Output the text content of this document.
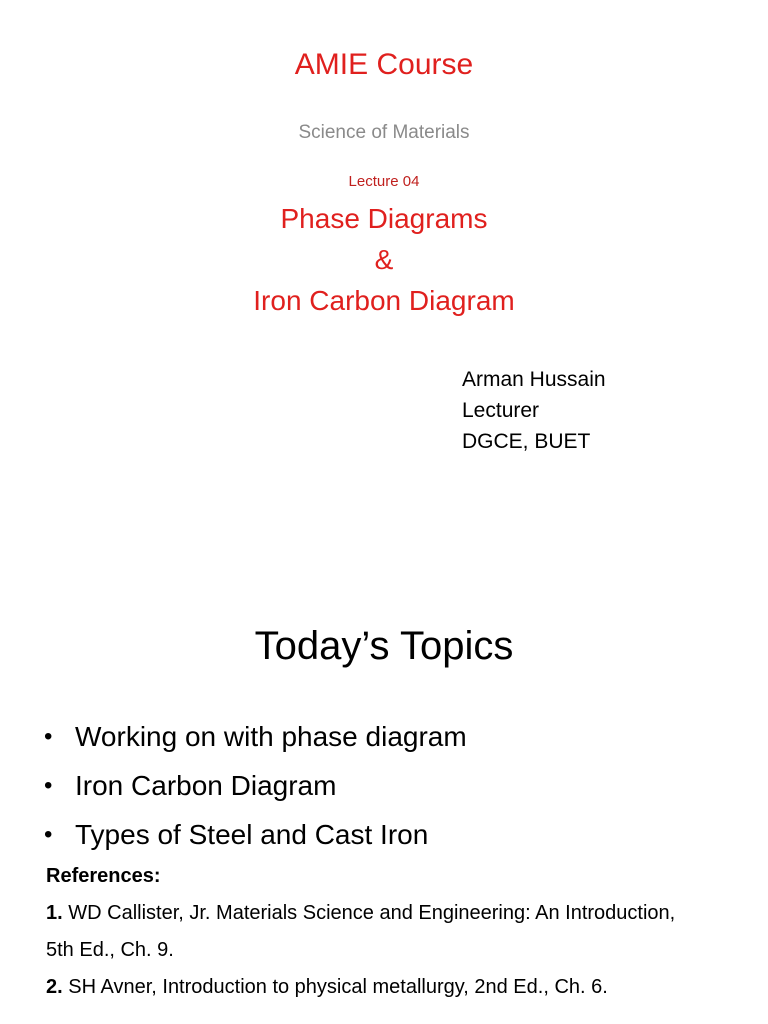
AMIE Course
Science of Materials
Lecture 04
Phase Diagrams
&
Iron Carbon Diagram
Arman Hussain
Lecturer
DGCE, BUET
Today’s Topics
• Working on with phase diagram
• Iron Carbon Diagram
• Types of Steel and Cast Iron
References:
1. WD Callister, Jr. Materials Science and Engineering: An Introduction,
5th Ed., Ch. 9.
2. SH Avner, Introduction to physical metallurgy, 2nd Ed., Ch. 6.
